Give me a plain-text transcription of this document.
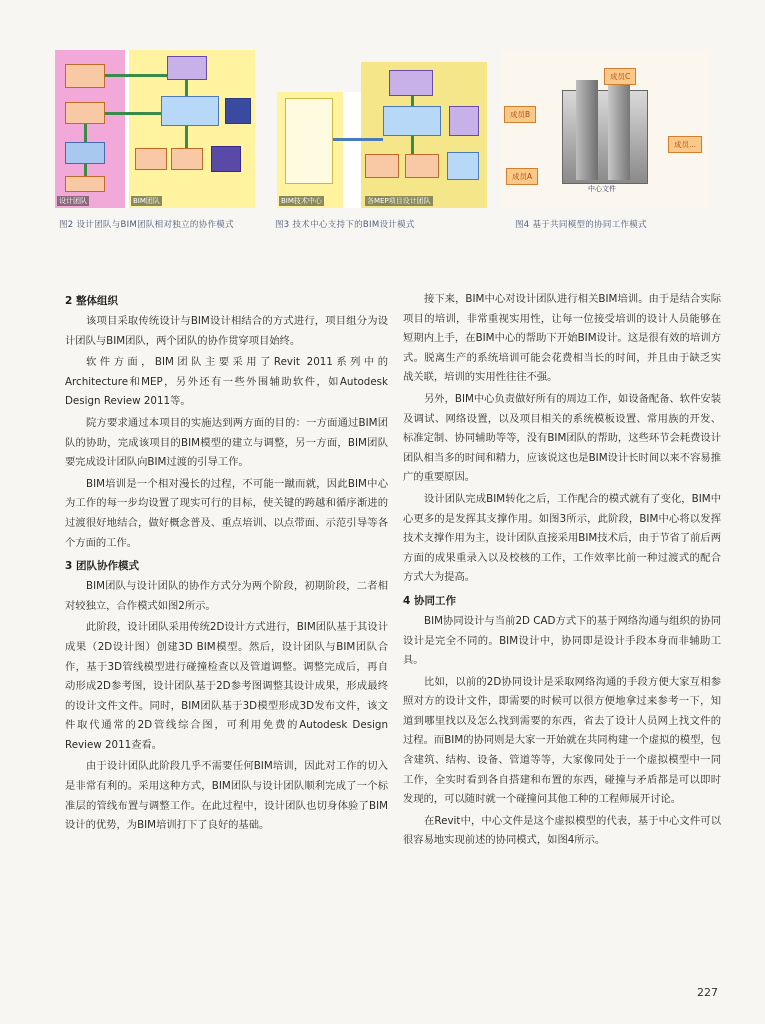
设计团队	BIM团队	BIM技术中心	各MEP项目设计团队
成员A
成员B
成员C
成员...
中心文件
图2 设计团队与BIM团队相对独立的协作模式	图3 技术中心支持下的BIM设计模式	图4 基于共同模型的协同工作模式
2 整体组织

该项目采取传统设计与BIM设计相结合的方式进行，项目组分为设计团队与BIM团队，两个团队的协作贯穿项目始终。

软件方面，BIM团队主要采用了Revit 2011系列中的Architecture和MEP，另外还有一些外围辅助软件，如Autodesk Design Review 2011等。

院方要求通过本项目的实施达到两方面的目的：一方面通过BIM团队的协助，完成该项目的BIM模型的建立与调整，另一方面，BIM团队要完成设计团队向BIM过渡的引导工作。

BIM培训是一个相对漫长的过程，不可能一蹴而就，因此BIM中心为工作的每一步均设置了现实可行的目标，使关键的跨越和循序渐进的过渡很好地结合，做好概念普及、重点培训、以点带面、示范引导等各个方面的工作。

3 团队协作模式

BIM团队与设计团队的协作方式分为两个阶段，初期阶段，二者相对较独立，合作模式如图2所示。

此阶段，设计团队采用传统2D设计方式进行，BIM团队基于其设计成果（2D设计图）创建3D BIM模型。然后，设计团队与BIM团队合作，基于3D管线模型进行碰撞检查以及管道调整。调整完成后，再自动形成2D参考图，设计团队基于2D参考图调整其设计成果，形成最终的设计文件文件。同时，BIM团队基于3D模型形成3D发布文件，该文件取代通常的2D管线综合图，可利用免费的Autodesk Design Review 2011查看。

由于设计团队此阶段几乎不需要任何BIM培训，因此对工作的切入是非常有利的。采用这种方式，BIM团队与设计团队顺利完成了一个标准层的管线布置与调整工作。在此过程中，设计团队也切身体验了BIM设计的优势，为BIM培训打下了良好的基础。

接下来，BIM中心对设计团队进行相关BIM培训。由于是结合实际项目的培训，非常重视实用性，让每一位接受培训的设计人员能够在短期内上手，在BIM中心的帮助下开始BIM设计。这是很有效的培训方式。脱离生产的系统培训可能会花费相当长的时间，并且由于缺乏实战关联，培训的实用性往往不强。

另外，BIM中心负责做好所有的周边工作，如设备配备、软件安装及调试、网络设置，以及项目相关的系统模板设置、常用族的开发、标准定制、协同辅助等等，没有BIM团队的帮助，这些环节会耗费设计团队相当多的时间和精力，应该说这也是BIM设计长时间以来不容易推广的重要原因。

设计团队完成BIM转化之后，工作配合的模式就有了变化，BIM中心更多的是发挥其支撑作用。如图3所示，此阶段，BIM中心将以发挥技术支撑作用为主，设计团队直接采用BIM技术后，由于节省了前后两方面的成果重录入以及校核的工作，工作效率比前一种过渡式的配合方式大为提高。

4 协同工作

BIM协同设计与当前2D CAD方式下的基于网络沟通与组织的协同设计是完全不同的。BIM设计中，协同即是设计手段本身而非辅助工具。

比如，以前的2D协同设计是采取网络沟通的手段方便大家互相参照对方的设计文件，即需要的时候可以很方便地拿过来参考一下，知道到哪里找以及怎么找到需要的东西，省去了设计人员网上找文件的过程。而BIM的协同则是大家一开始就在共同构建一个虚拟的模型，包含建筑、结构、设备、管道等等，大家像同处于一个虚拟模型中一同工作，全实时看到各自搭建和布置的东西，碰撞与矛盾都是可以即时发现的，可以随时就一个碰撞问其他工种的工程师展开讨论。

在Revit中，中心文件是这个虚拟模型的代表，基于中心文件可以很容易地实现前述的协同模式，如图4所示。

227
